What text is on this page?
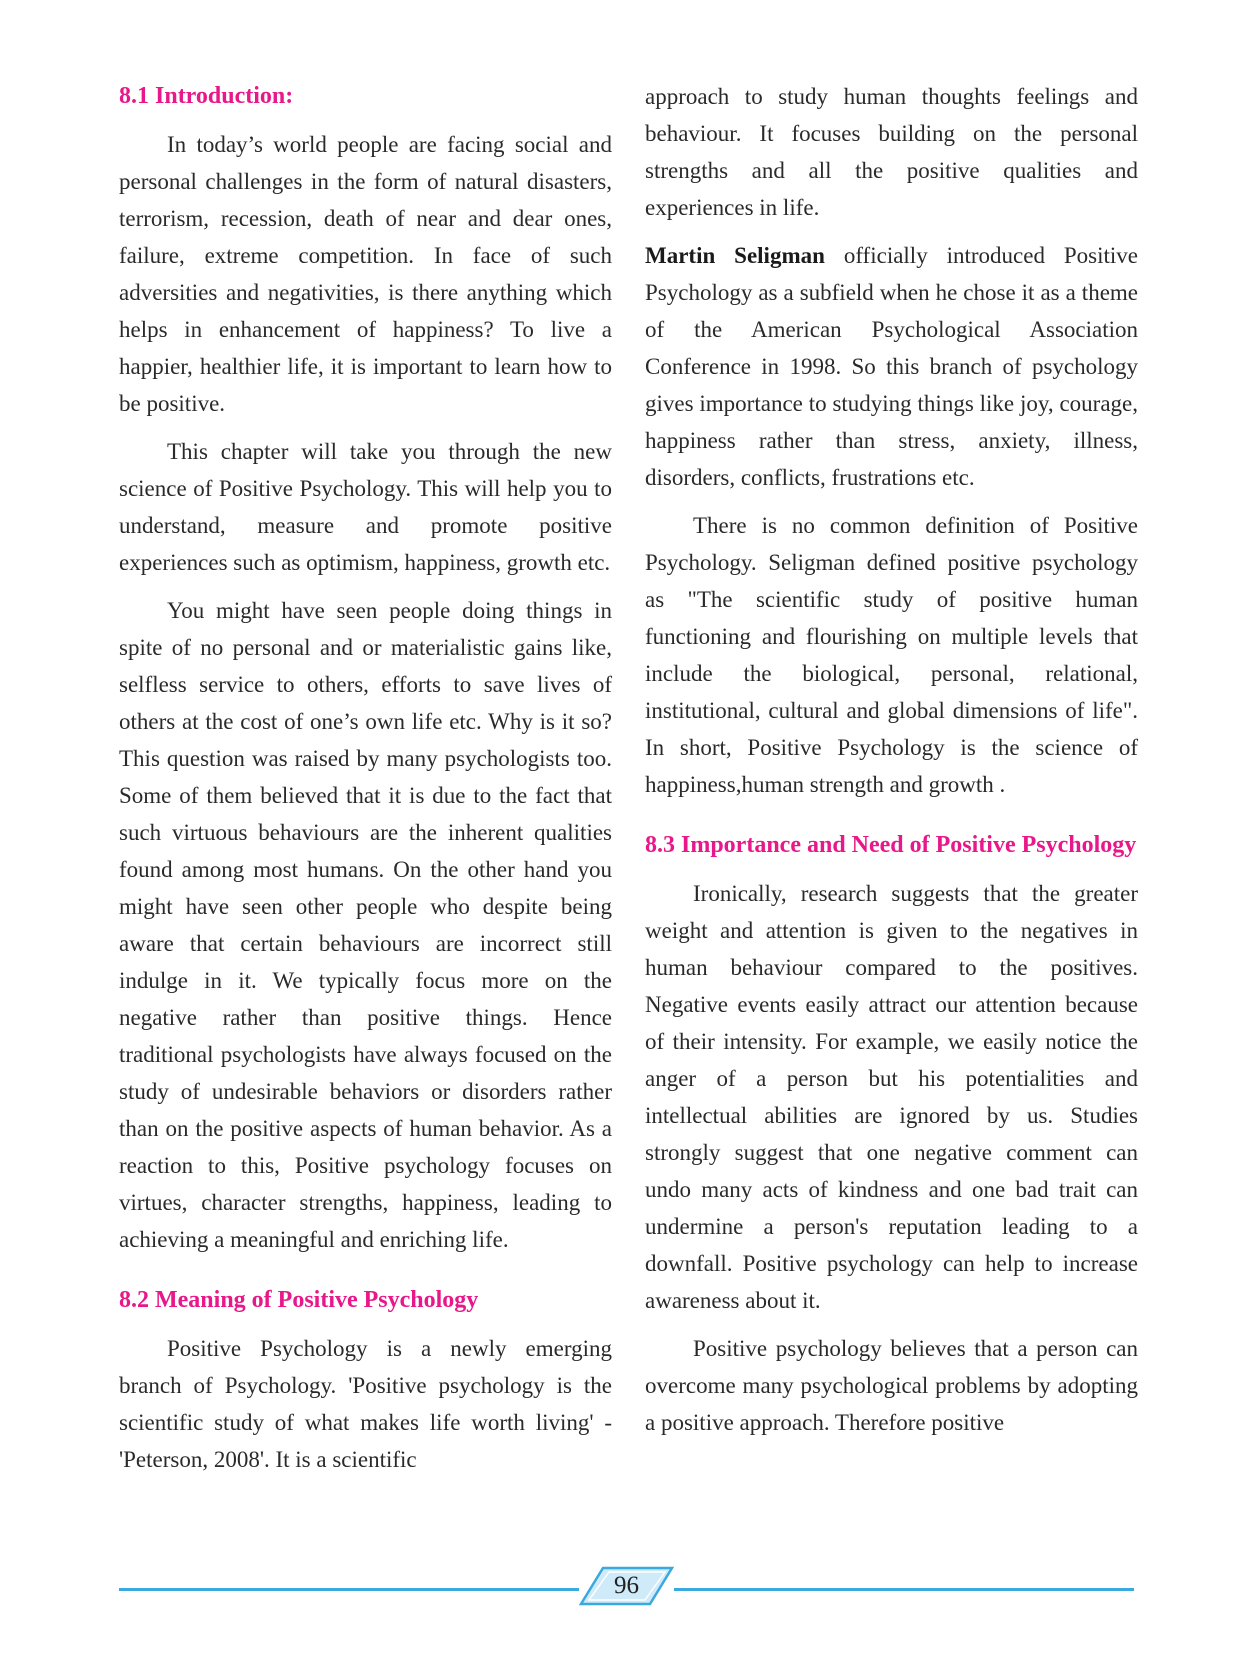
8.1 Introduction:

In today’s world people are facing social and personal challenges in the form of natural disasters, terrorism, recession, death of near and dear ones, failure, extreme competition. In face of such adversities and negativities, is there anything which helps in enhancement of happiness? To live a happier, healthier life, it is important to learn how to be positive.

This chapter will take you through the new science of Positive Psychology. This will help you to understand, measure and promote positive experiences such as optimism, happiness, growth etc.

You might have seen people doing things in spite of no personal and or materialistic gains like, selfless service to others, efforts to save lives of others at the cost of one’s own life etc. Why is it so? This question was raised by many psychologists too. Some of them believed that it is due to the fact that such virtuous behaviours are the inherent qualities found among most humans. On the other hand you might have seen other people who despite being aware that certain behaviours are incorrect still indulge in it. We typically focus more on the negative rather than positive things. Hence traditional psychologists have always focused on the study of undesirable behaviors or disorders rather than on the positive aspects of human behavior. As a reaction to this, Positive psychology focuses on virtues, character strengths, happiness, leading to achieving a meaningful and enriching life.

8.2 Meaning of Positive Psychology

Positive Psychology is a newly emerging branch of Psychology. 'Positive psychology is the scientific study of what makes life worth living' - 'Peterson, 2008'. It is a scientific

approach to study human thoughts feelings and behaviour. It focuses building on the personal strengths and all the positive qualities and experiences in life.

Martin Seligman officially introduced Positive Psychology as a subfield when he chose it as a theme of the American Psychological Association Conference in 1998. So this branch of psychology gives importance to studying things like joy, courage, happiness rather than stress, anxiety, illness, disorders, conflicts, frustrations etc.

There is no common definition of Positive Psychology. Seligman defined positive psychology as "The scientific study of positive human functioning and flourishing on multiple levels that include the biological, personal, relational, institutional, cultural and global dimensions of life". In short, Positive Psychology is the science of happiness,human strength and growth .

8.3 Importance and Need of Positive Psychology

Ironically, research suggests that the greater weight and attention is given to the negatives in human behaviour compared to the positives. Negative events easily attract our attention because of their intensity. For example, we easily notice the anger of a person but his potentialities and intellectual abilities are ignored by us. Studies strongly suggest that one negative comment can undo many acts of kindness and one bad trait can undermine a person's reputation leading to a downfall. Positive psychology can help to increase awareness about it.

Positive psychology believes that a person can overcome many psychological problems by adopting a positive approach. Therefore positive

96
